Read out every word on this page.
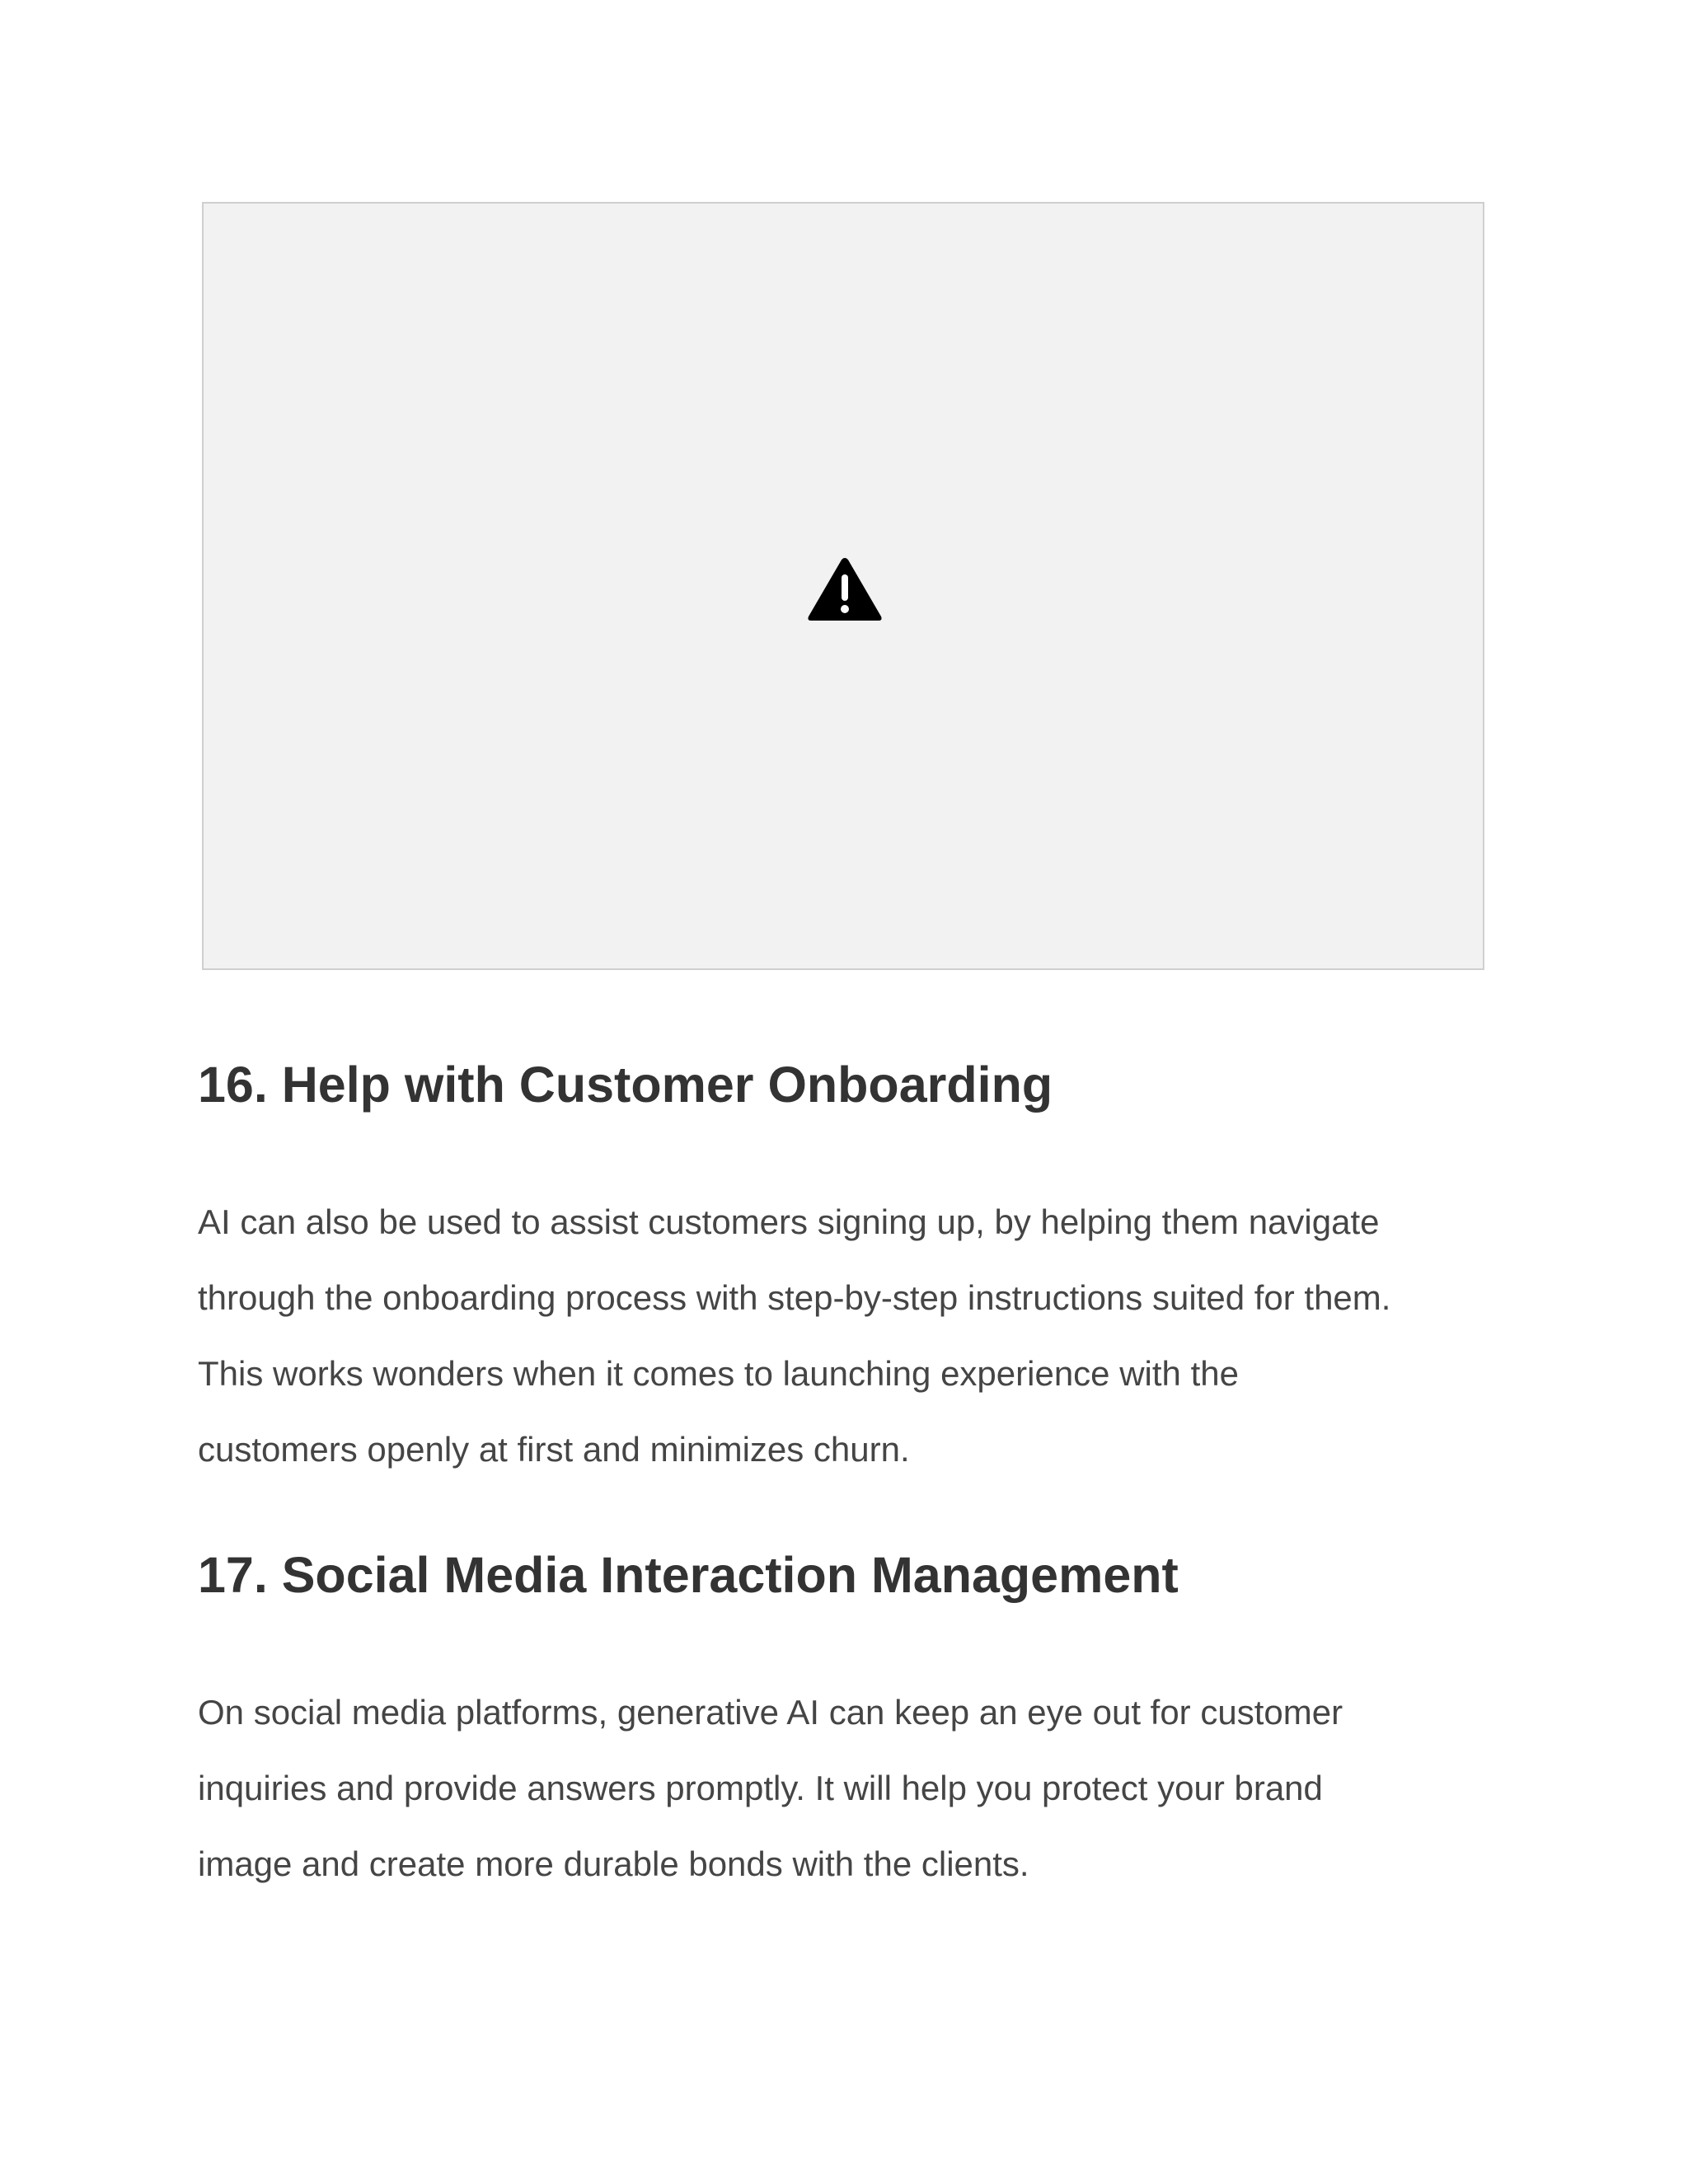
16. Help with Customer Onboarding

AI can also be used to assist customers signing up, by helping them navigate
through the onboarding process with step-by-step instructions suited for them.
This works wonders when it comes to launching experience with the
customers openly at first and minimizes churn.

17. Social Media Interaction Management

On social media platforms, generative AI can keep an eye out for customer
inquiries and provide answers promptly. It will help you protect your brand
image and create more durable bonds with the clients.
